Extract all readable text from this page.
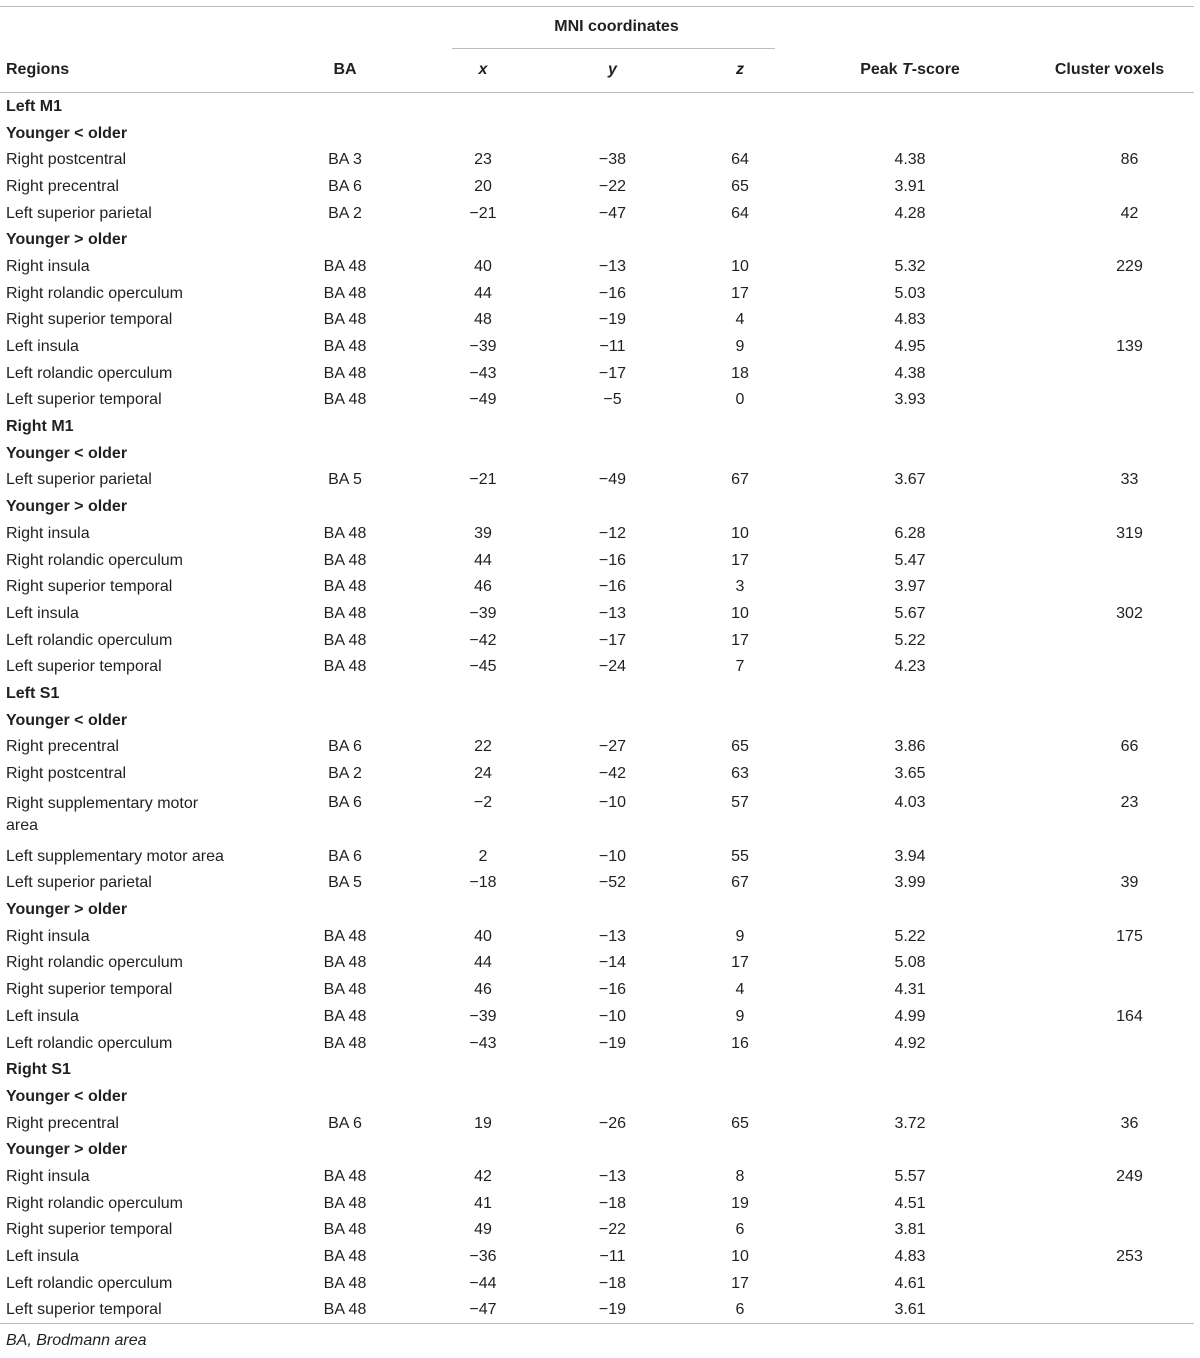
		MNI coordinates				
Regions	BA	x	y	z	Peak T-score	Cluster voxels
Left M1						
Younger < older						
Right postcentral	BA 3	23	−38	64	4.38	86
Right precentral	BA 6	20	−22	65	3.91	
Left superior parietal	BA 2	−21	−47	64	4.28	42
Younger > older						
Right insula	BA 48	40	−13	10	5.32	229
Right rolandic operculum	BA 48	44	−16	17	5.03	
Right superior temporal	BA 48	48	−19	4	4.83	
Left insula	BA 48	−39	−11	9	4.95	139
Left rolandic operculum	BA 48	−43	−17	18	4.38	
Left superior temporal	BA 48	−49	−5	0	3.93	
Right M1						
Younger < older						
Left superior parietal	BA 5	−21	−49	67	3.67	33
Younger > older						
Right insula	BA 48	39	−12	10	6.28	319
Right rolandic operculum	BA 48	44	−16	17	5.47	
Right superior temporal	BA 48	46	−16	3	3.97	
Left insula	BA 48	−39	−13	10	5.67	302
Left rolandic operculum	BA 48	−42	−17	17	5.22	
Left superior temporal	BA 48	−45	−24	7	4.23	
Left S1						
Younger < older						
Right precentral	BA 6	22	−27	65	3.86	66
Right postcentral	BA 2	24	−42	63	3.65	
Right supplementary motor area	BA 6	−2	−10	57	4.03	23
Left supplementary motor area	BA 6	2	−10	55	3.94	
Left superior parietal	BA 5	−18	−52	67	3.99	39
Younger > older						
Right insula	BA 48	40	−13	9	5.22	175
Right rolandic operculum	BA 48	44	−14	17	5.08	
Right superior temporal	BA 48	46	−16	4	4.31	
Left insula	BA 48	−39	−10	9	4.99	164
Left rolandic operculum	BA 48	−43	−19	16	4.92	
Right S1						
Younger < older						
Right precentral	BA 6	19	−26	65	3.72	36
Younger > older						
Right insula	BA 48	42	−13	8	5.57	249
Right rolandic operculum	BA 48	41	−18	19	4.51	
Right superior temporal	BA 48	49	−22	6	3.81	
Left insula	BA 48	−36	−11	10	4.83	253
Left rolandic operculum	BA 48	−44	−18	17	4.61	
Left superior temporal	BA 48	−47	−19	6	3.61	
BA, Brodmann area
